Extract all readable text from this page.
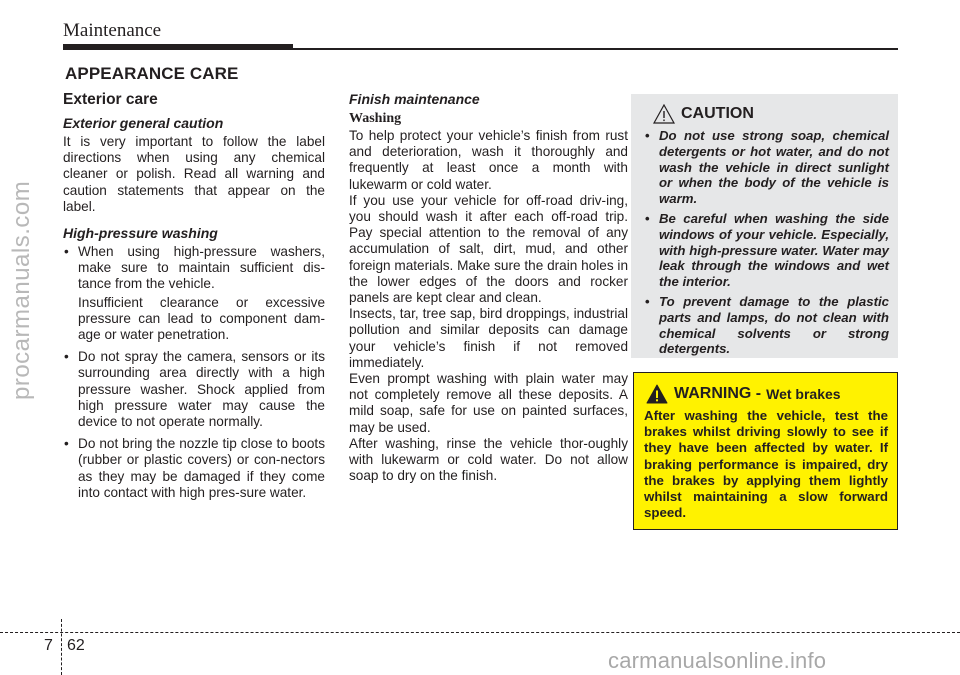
Maintenance
APPEARANCE CARE
Exterior care
Exterior general caution

It is very important to follow the label directions when using any chemical cleaner or polish. Read all warning and caution statements that appear on the label.

High-pressure washing
• When using high-pressure washers, make sure to maintain sufficient dis-tance from the vehicle.
Insufficient clearance or excessive pressure can lead to component dam-age or water penetration.
• Do not spray the camera, sensors or its surrounding area directly with a high pressure washer. Shock applied from high pressure water may cause the device to not operate normally.
• Do not bring the nozzle tip close to boots (rubber or plastic covers) or con-nectors as they may be damaged if they come into contact with high pres-sure water.
Finish maintenance
Washing

To help protect your vehicle’s finish from rust and deterioration, wash it thoroughly and frequently at least once a month with lukewarm or cold water.

If you use your vehicle for off-road driv-ing, you should wash it after each off-road trip. Pay special attention to the removal of any accumulation of salt, dirt, mud, and other foreign materials. Make sure the drain holes in the lower edges of the doors and rocker panels are kept clear and clean.

Insects, tar, tree sap, bird droppings, industrial pollution and similar deposits can damage your vehicle’s finish if not removed immediately.

Even prompt washing with plain water may not completely remove all these deposits. A mild soap, safe for use on painted surfaces, may be used.

After washing, rinse the vehicle thor-oughly with lukewarm or cold water. Do not allow soap to dry on the finish.

CAUTION
• Do not use strong soap, chemical detergents or hot water, and do not wash the vehicle in direct sunlight or when the body of the vehicle is warm.
• Be careful when washing the side windows of your vehicle. Especially, with high-pressure water. Water may leak through the windows and wet the interior.
• To prevent damage to the plastic parts and lamps, do not clean with chemical solvents or strong detergents.
WARNING - Wet brakes
After washing the vehicle, test the brakes whilst driving slowly to see if they have been affected by water. If braking performance is impaired, dry the brakes by applying them lightly whilst maintaining a slow forward speed.
procarmanuals.com
7 62
carmanualsonline.info
